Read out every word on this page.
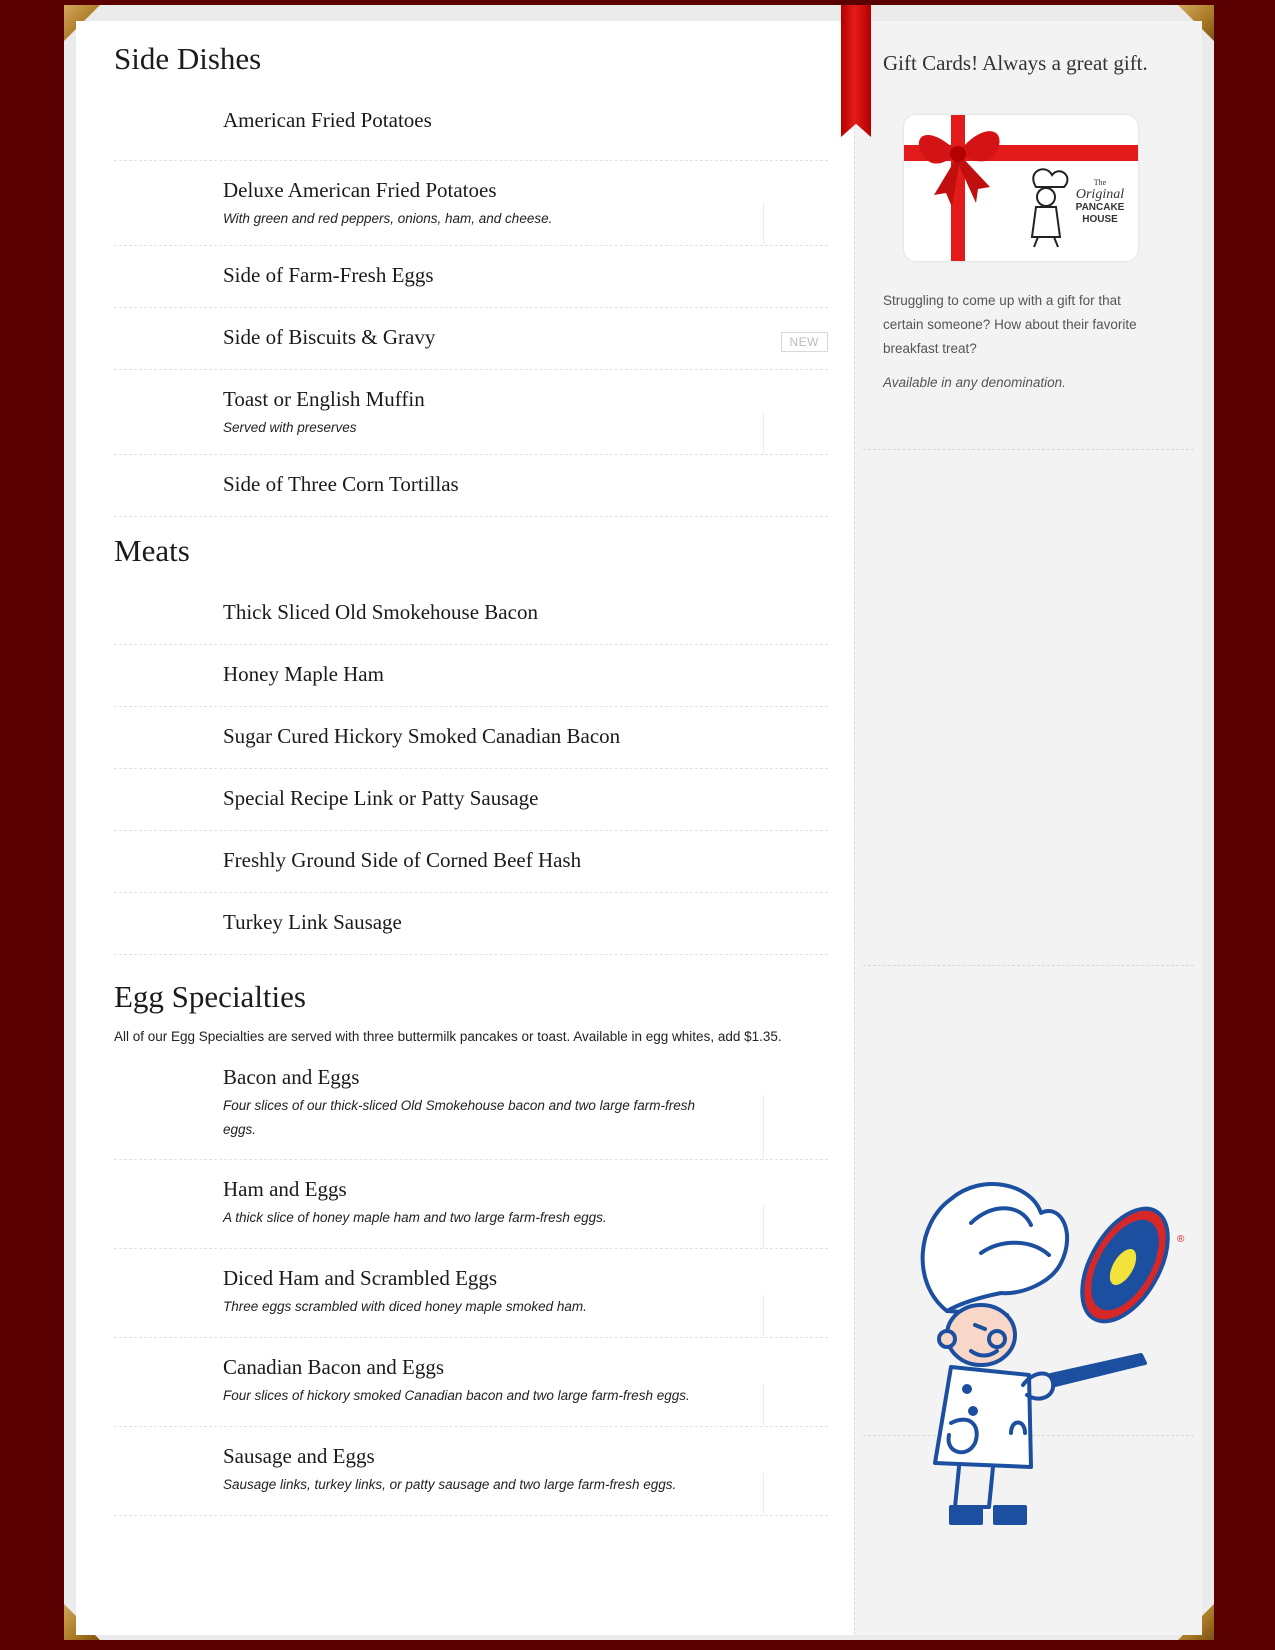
Side Dishes
American Fried Potatoes
Deluxe American Fried Potatoes
With green and red peppers, onions, ham, and cheese.
Side of Farm-Fresh Eggs
Side of Biscuits & Gravy	NEW
Toast or English Muffin
Served with preserves
Side of Three Corn Tortillas
Meats
Thick Sliced Old Smokehouse Bacon
Honey Maple Ham
Sugar Cured Hickory Smoked Canadian Bacon
Special Recipe Link or Patty Sausage
Freshly Ground Side of Corned Beef Hash
Turkey Link Sausage
Egg Specialties
All of our Egg Specialties are served with three buttermilk pancakes or toast. Available in egg whites, add $1.35.
Bacon and Eggs
Four slices of our thick-sliced Old Smokehouse bacon and two large farm-fresh eggs.
Ham and Eggs
A thick slice of honey maple ham and two large farm-fresh eggs.
Diced Ham and Scrambled Eggs
Three eggs scrambled with diced honey maple smoked ham.
Canadian Bacon and Eggs
Four slices of hickory smoked Canadian bacon and two large farm-fresh eggs.
Sausage and Eggs
Sausage links, turkey links, or patty sausage and two large farm-fresh eggs.
Gift Cards! Always a great gift.
The
Original
PANCAKE
HOUSE
Struggling to come up with a gift for that certain someone? How about their favorite breakfast treat?
Available in any denomination.
®
